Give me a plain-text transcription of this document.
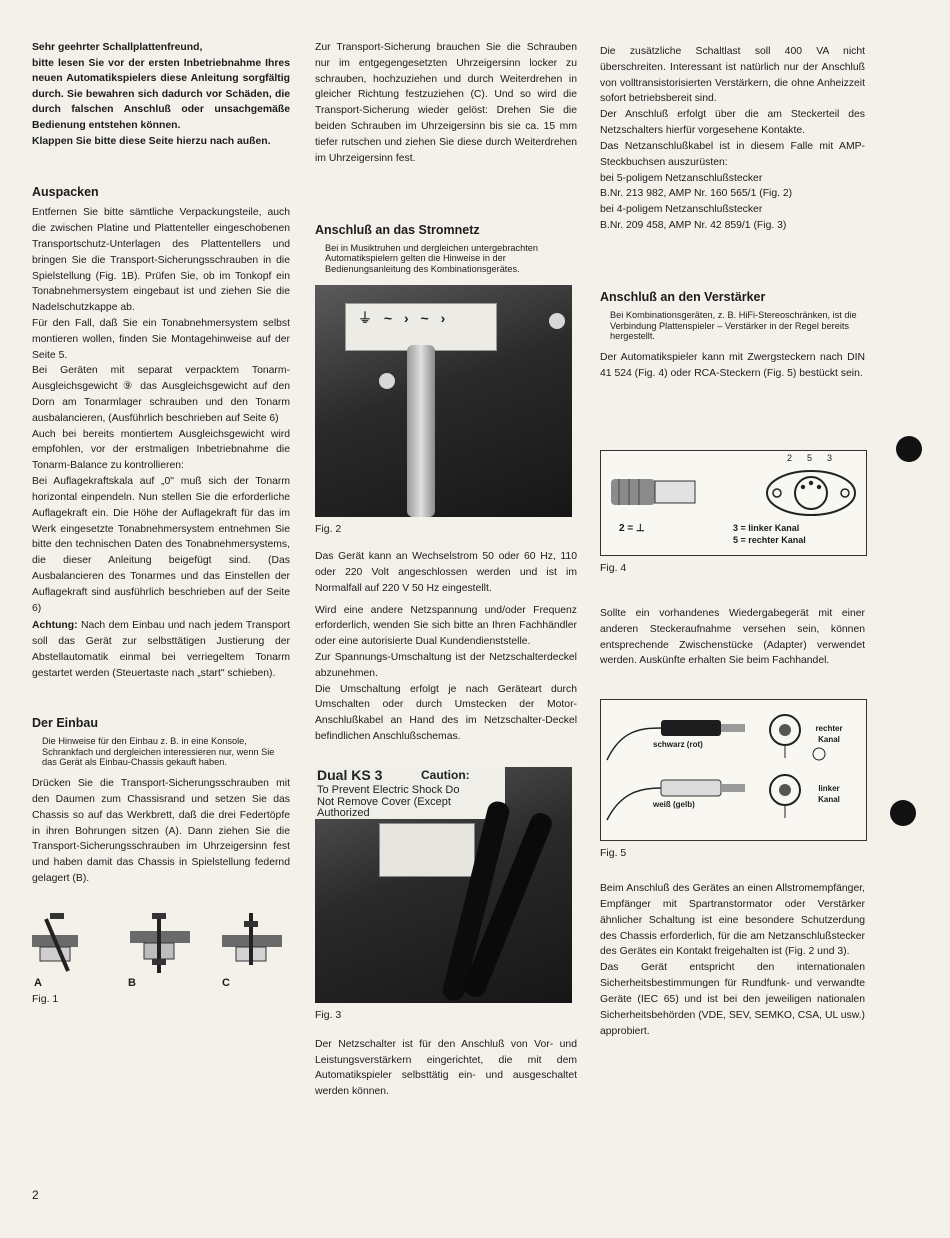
Sehr geehrter Schallplattenfreund,

bitte lesen Sie vor der ersten Inbetriebnahme Ihres neuen Automatikspielers diese Anleitung sorgfältig durch. Sie bewahren sich dadurch vor Schäden, die durch falschen Anschluß oder unsachgemäße Bedienung entstehen können.

Klappen Sie bitte diese Seite hierzu nach außen.

Auspacken

Entfernen Sie bitte sämtliche Verpackungsteile, auch die zwischen Platine und Plattenteller eingeschobenen Transportschutz-Unterlagen des Plattentellers und bringen Sie die Transport-Sicherungsschrauben in die Spielstellung (Fig. 1B). Prüfen Sie, ob im Tonkopf ein Tonabnehmersystem eingebaut ist und ziehen Sie die Nadelschutzkappe ab.

Für den Fall, daß Sie ein Tonabnehmersystem selbst montieren wollen, finden Sie Montagehinweise auf der Seite 5.

Bei Geräten mit separat verpacktem Tonarm-Ausgleichsgewicht ⑨ das Ausgleichsgewicht auf den Dorn am Tonarmlager schrauben und den Tonarm ausbalancieren, (Ausführlich beschrieben auf Seite 6)

Auch bei bereits montiertem Ausgleichsgewicht wird empfohlen, vor der erstmaligen Inbetriebnahme die Tonarm-Balance zu kontrollieren:

Bei Auflagekraftskala auf „0" muß sich der Tonarm horizontal einpendeln. Nun stellen Sie die erforderliche Auflagekraft ein. Die Höhe der Auflagekraft für das im Werk eingesetzte Tonabnehmersystem entnehmen Sie bitte den technischen Daten des Tonabnehmersystems, die dieser Anleitung beigefügt sind. (Das Ausbalancieren des Tonarmes und das Einstellen der Auflagekraft sind ausführlich beschrieben auf der Seite 6)

Achtung: Nach dem Einbau und nach jedem Transport soll das Gerät zur selbsttätigen Justierung der Abstellautomatik einmal bei verriegeltem Tonarm gestartet werden (Steuertaste nach „start" schieben).

Der Einbau

Die Hinweise für den Einbau z. B. in eine Konsole, Schrankfach und dergleichen interessieren nur, wenn Sie das Gerät als Einbau-Chassis gekauft haben.

Drücken Sie die Transport-Sicherungsschrauben mit den Daumen zum Chassisrand und setzen Sie das Chassis so auf das Werkbrett, daß die drei Federtöpfe in ihren Bohrungen sitzen (A). Dann ziehen Sie die Transport-Sicherungsschrauben im Uhrzeigersinn fest und haben damit das Chassis in Spielstellung federnd gelagert (B).

A	B	C
Fig. 1

Zur Transport-Sicherung brauchen Sie die Schrauben nur im entgegengesetzten Uhrzeigersinn locker zu schrauben, hochzuziehen und durch Weiterdrehen in gleicher Richtung festzuziehen (C). Und so wird die Transport-Sicherung wieder gelöst: Drehen Sie die beiden Schrauben im Uhrzeigersinn bis sie ca. 15 mm tiefer rutschen und ziehen Sie diese durch Weiterdrehen im Uhrzeigersinn fest.

Anschluß an das Stromnetz

Bei in Musiktruhen und dergleichen untergebrachten Automatikspielern gelten die Hinweise in der Bedienungsanleitung des Kombinationsgerätes.

⏚ ~ › ~ ›

Fig. 2

Das Gerät kann an Wechselstrom 50 oder 60 Hz, 110 oder 220 Volt angeschlossen werden und ist im Normalfall auf 220 V 50 Hz eingestellt.

Wird eine andere Netzspannung und/oder Frequenz erforderlich, wenden Sie sich bitte an Ihren Fachhändler oder eine autorisierte Dual Kundendienststelle.

Zur Spannungs-Umschaltung ist der Netzschalterdeckel abzunehmen.

Die Umschaltung erfolgt je nach Geräteart durch Umschalten oder durch Umstecken der Motor-Anschlußkabel an Hand des im Netzschalter-Deckel befindlichen Anschlußschemas.

Dual KS 3	Caution:
To Prevent Electric Shock Do
Not Remove Cover (Except
Authorized

Fig. 3

Der Netzschalter ist für den Anschluß von Vor- und Leistungsverstärkern eingerichtet, die mit dem Automatikspieler selbsttätig ein- und ausgeschaltet werden können.

Die zusätzliche Schaltlast soll 400 VA nicht überschreiten. Interessant ist natürlich nur der Anschluß von volltransistorisierten Verstärkern, die ohne Anheizzeit sofort betriebsbereit sind.

Der Anschluß erfolgt über die am Steckerteil des Netzschalters hierfür vorgesehene Kontakte.

Das Netzanschlußkabel ist in diesem Falle mit AMP-Steckbuchsen auszurüsten:

bei 5-poligem Netzanschlußstecker

B.Nr. 213 982, AMP Nr. 160 565/1 (Fig. 2)

bei 4-poligem Netzanschlußstecker

B.Nr. 209 458, AMP Nr. 42 859/1 (Fig. 3)

Anschluß an den Verstärker

Bei Kombinationsgeräten, z. B. HiFi-Stereoschränken, ist die Verbindung Plattenspieler – Verstärker in der Regel bereits hergestellt.

Der Automatikspieler kann mit Zwergsteckern nach DIN 41 524 (Fig. 4) oder RCA-Steckern (Fig. 5) bestückt sein.

2 5 3
2 = ⊥	3 = linker Kanal
5 = rechter Kanal

Fig. 4

Sollte ein vorhandenes Wiedergabegerät mit einer anderen Steckeraufnahme versehen sein, können entsprechende Zwischenstücke (Adapter) verwendet werden. Auskünfte erhalten Sie beim Fachhandel.

schwarz (rot)
weiß (gelb)
rechter Kanal
linker Kanal

Fig. 5

Beim Anschluß des Gerätes an einen Allstromempfänger, Empfänger mit Spartranstormator oder Verstärker ähnlicher Schaltung ist eine besondere Schutzerdung des Chassis erforderlich, für die am Netzanschlußstecker des Gerätes ein Kontakt freigehalten ist (Fig. 2 und 3).

Das Gerät entspricht den internationalen Sicherheitsbestimmungen für Rundfunk- und verwandte Geräte (IEC 65) und ist bei den jeweiligen nationalen Sicherheitsbehörden (VDE, SEV, SEMKO, CSA, UL usw.) approbiert.

2
